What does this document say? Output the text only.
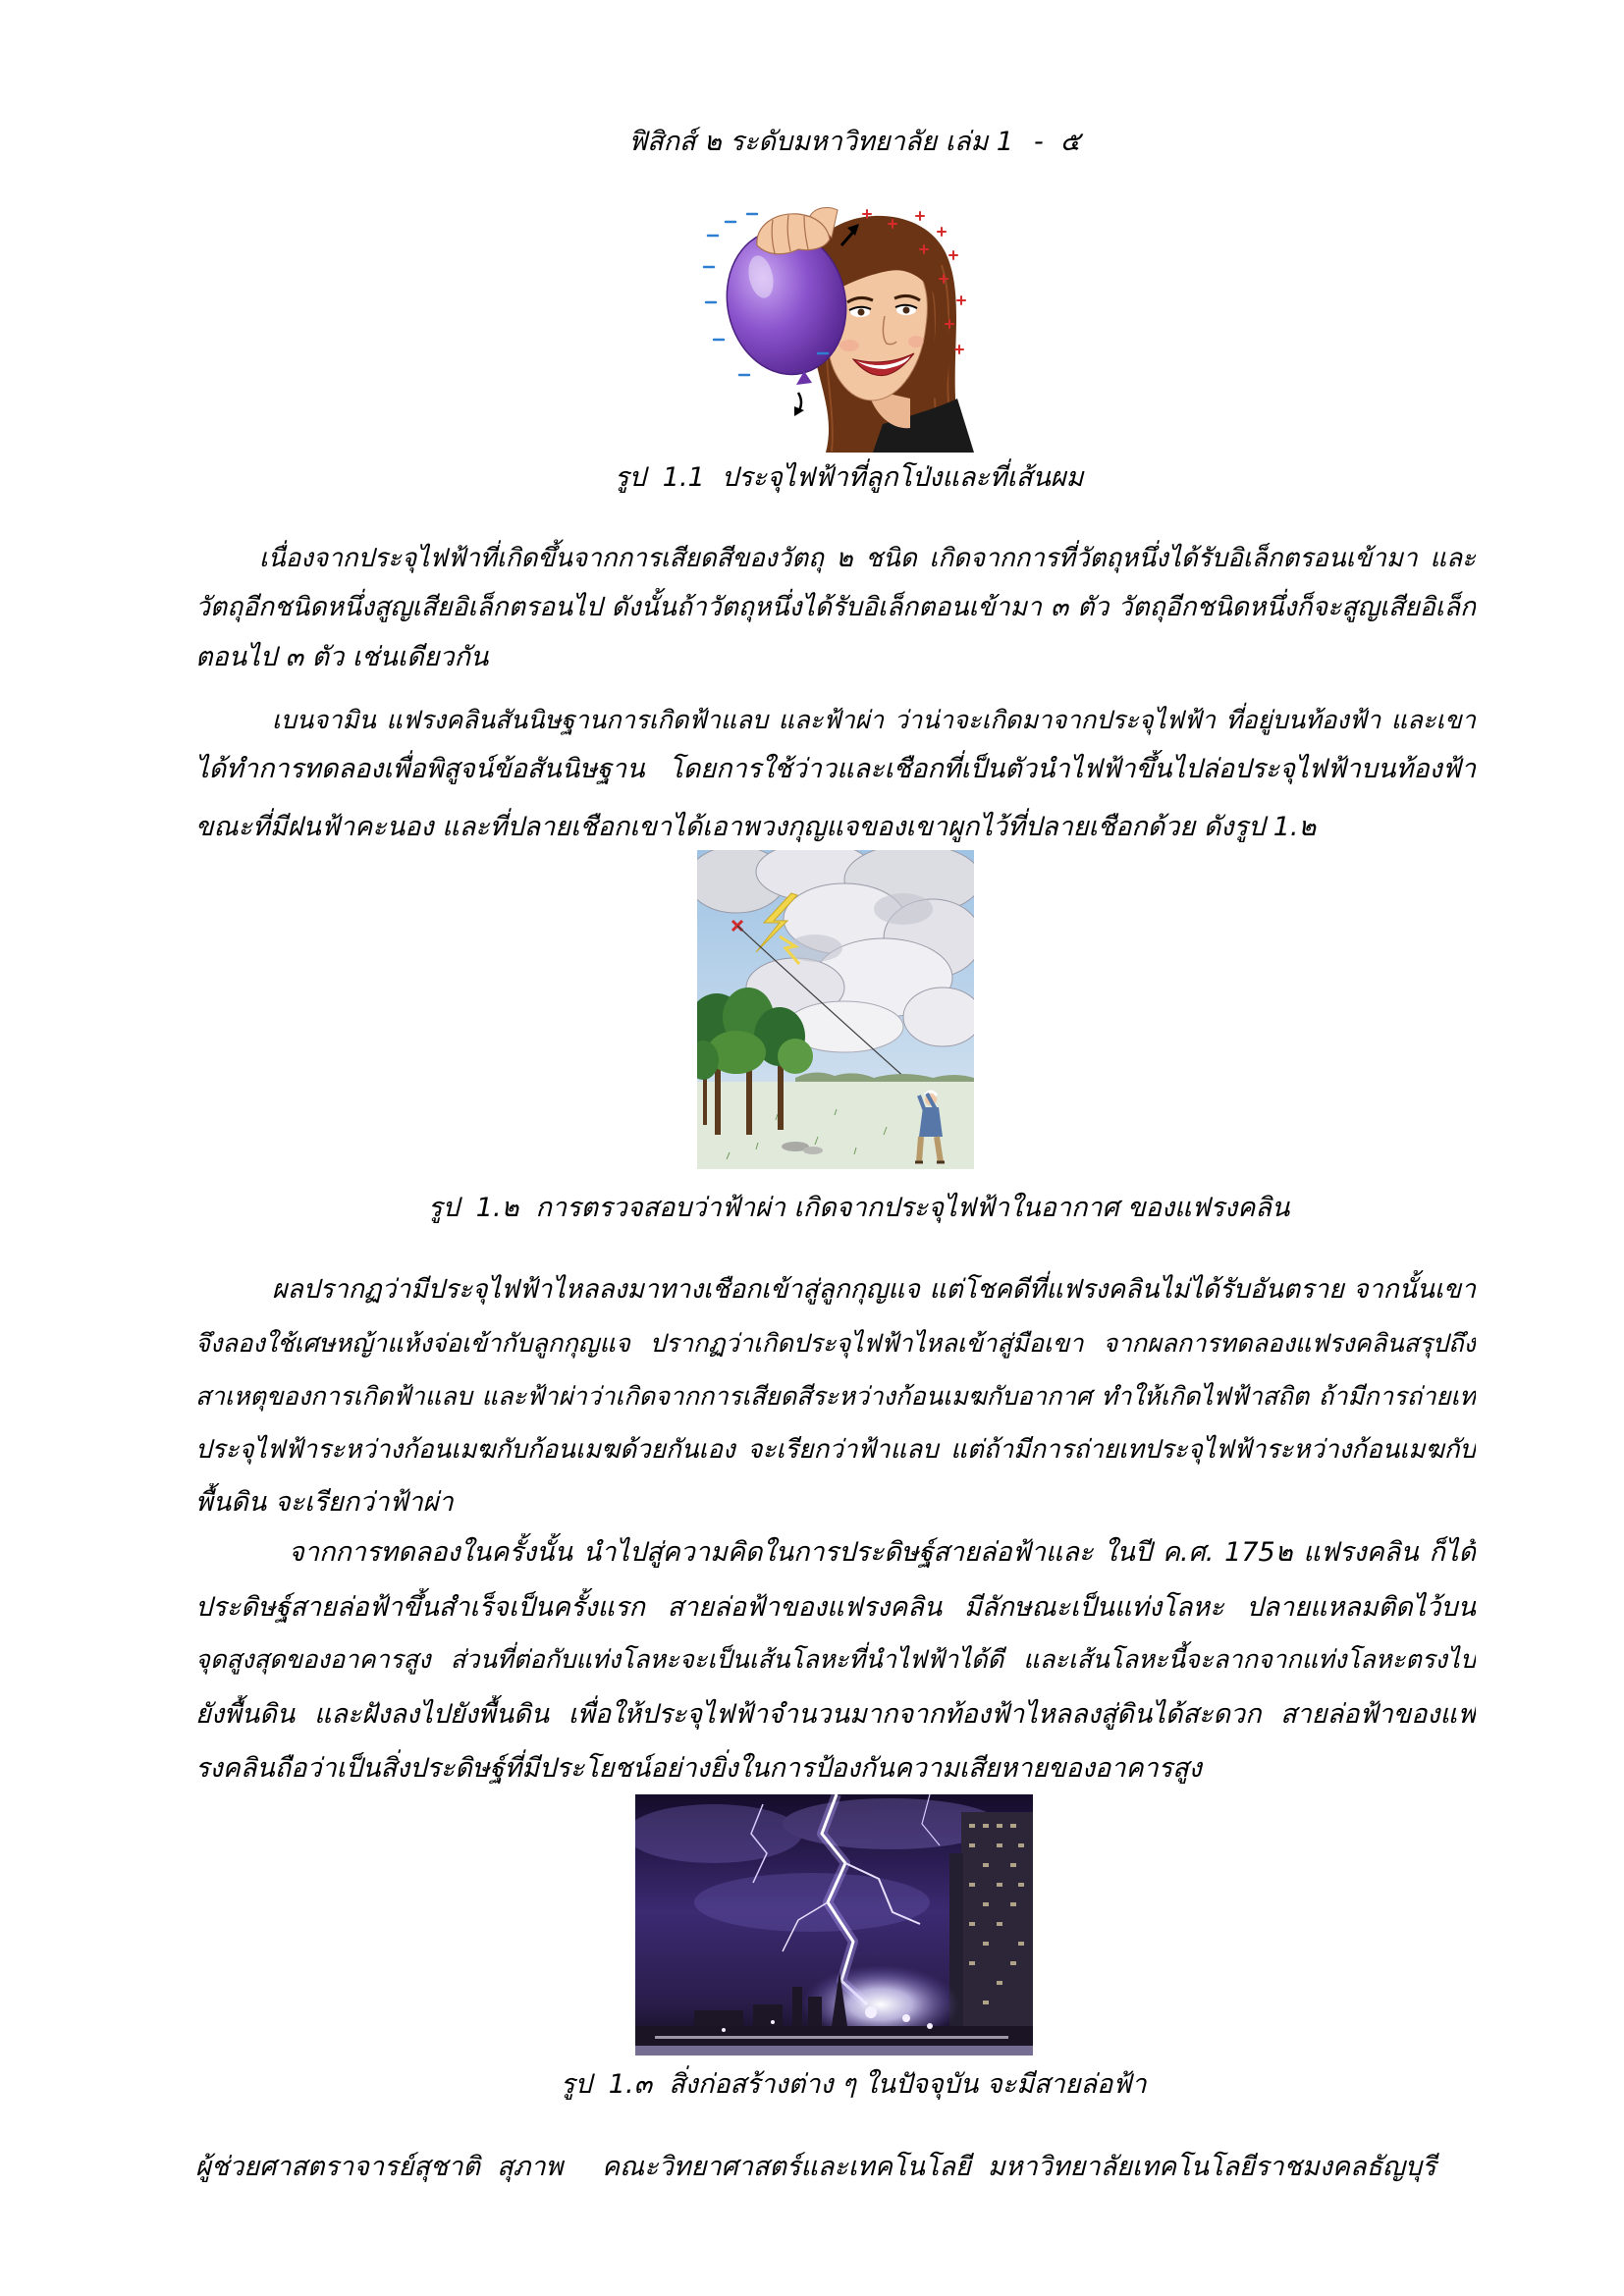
ฟิสิกส์ ๒ ระดับมหาวิทยาลัย เล่ม 1 -  ๕
รูป  1.1  ประจุไฟฟ้าที่ลูกโป่งและที่เส้นผม
เนื่องจากประจุไฟฟ้าที่เกิดขึ้นจากการเสียดสีของวัตถุ ๒ ชนิด เกิดจากการที่วัตถุหนึ่งได้รับอิเล็กตรอนเข้ามา และ
วัตถุอีกชนิดหนึ่งสูญเสียอิเล็กตรอนไป ดังนั้นถ้าวัตถุหนึ่งได้รับอิเล็กตอนเข้ามา ๓ ตัว วัตถุอีกชนิดหนึ่งก็จะสูญเสียอิเล็ก
ตอนไป ๓ ตัว เช่นเดียวกัน
เบนจามิน แฟรงคลินสันนิษฐานการเกิดฟ้าแลบ และฟ้าผ่า ว่าน่าจะเกิดมาจากประจุไฟฟ้า ที่อยู่บนท้องฟ้า และเขา
ได้ทำการทดลองเพื่อพิสูจน์ข้อสันนิษฐาน โดยการใช้ว่าวและเชือกที่เป็นตัวนำไฟฟ้าขึ้นไปล่อประจุไฟฟ้าบนท้องฟ้า
ขณะที่มีฝนฟ้าคะนอง และที่ปลายเชือกเขาได้เอาพวงกุญแจของเขาผูกไว้ที่ปลายเชือกด้วย ดังรูป 1.๒
รูป  1.๒  การตรวจสอบว่าฟ้าผ่า เกิดจากประจุไฟฟ้าในอากาศ ของแฟรงคลิน
ผลปรากฏว่ามีประจุไฟฟ้าไหลลงมาทางเชือกเข้าสู่ลูกกุญแจ แต่โชคดีที่แฟรงคลินไม่ได้รับอันตราย จากนั้นเขา
จึงลองใช้เศษหญ้าแห้งจ่อเข้ากับลูกกุญแจ ปรากฏว่าเกิดประจุไฟฟ้าไหลเข้าสู่มือเขา จากผลการทดลองแฟรงคลินสรุปถึง
สาเหตุของการเกิดฟ้าแลบ และฟ้าผ่าว่าเกิดจากการเสียดสีระหว่างก้อนเมฆกับอากาศ ทำให้เกิดไฟฟ้าสถิต ถ้ามีการถ่ายเท
ประจุไฟฟ้าระหว่างก้อนเมฆกับก้อนเมฆด้วยกันเอง จะเรียกว่าฟ้าแลบ แต่ถ้ามีการถ่ายเทประจุไฟฟ้าระหว่างก้อนเมฆกับ
พื้นดิน จะเรียกว่าฟ้าผ่า
จากการทดลองในครั้งนั้น นำไปสู่ความคิดในการประดิษฐ์สายล่อฟ้าและ ในปี ค.ศ. 175๒ แฟรงคลิน ก็ได้
ประดิษฐ์สายล่อฟ้าขึ้นสำเร็จเป็นครั้งแรก สายล่อฟ้าของแฟรงคลิน มีลักษณะเป็นแท่งโลหะ ปลายแหลมติดไว้บน
จุดสูงสุดของอาคารสูง ส่วนที่ต่อกับแท่งโลหะจะเป็นเส้นโลหะที่นำไฟฟ้าได้ดี และเส้นโลหะนี้จะลากจากแท่งโลหะตรงไป
ยังพื้นดิน และฝังลงไปยังพื้นดิน เพื่อให้ประจุไฟฟ้าจำนวนมากจากท้องฟ้าไหลลงสู่ดินได้สะดวก สายล่อฟ้าของแฟ
รงคลินถือว่าเป็นสิ่งประดิษฐ์ที่มีประโยชน์อย่างยิ่งในการป้องกันความเสียหายของอาคารสูง
รูป  1.๓  สิ่งก่อสร้างต่าง ๆ ในปัจจุบัน จะมีสายล่อฟ้า
ผู้ช่วยศาสตราจารย์สุชาติ  สุภาพ	คณะวิทยาศาสตร์และเทคโนโลยี  มหาวิทยาลัยเทคโนโลยีราชมงคลธัญบุรี
